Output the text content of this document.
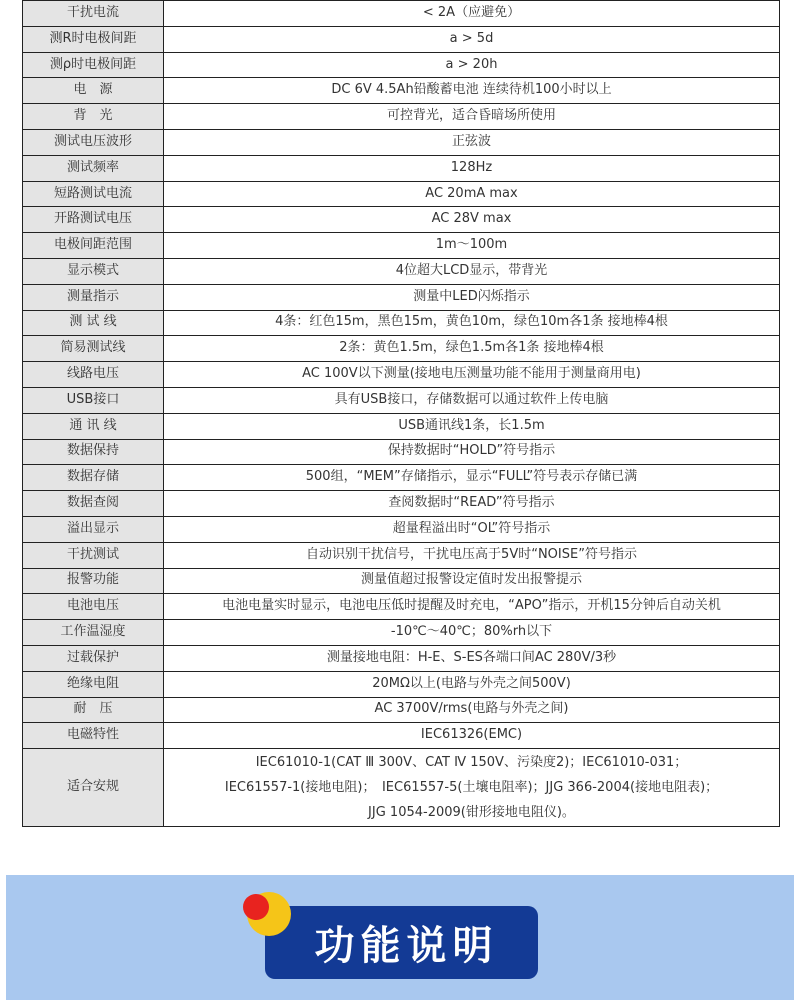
干扰电流	< 2A（应避免）
测R时电极间距	a > 5d
测ρ时电极间距	a > 20h
电　源	DC 6V 4.5Ah铅酸蓄电池 连续待机100小时以上
背　光	可控背光，适合昏暗场所使用
测试电压波形	正弦波
测试频率	128Hz
短路测试电流	AC 20mA max
开路测试电压	AC 28V max
电极间距范围	1m～100m
显示模式	4位超大LCD显示，带背光
测量指示	测量中LED闪烁指示
测 试 线	4条：红色15m，黑色15m，黄色10m，绿色10m各1条 接地棒4根
简易测试线	2条：黄色1.5m，绿色1.5m各1条 接地棒4根
线路电压	AC 100V以下测量(接地电压测量功能不能用于测量商用电)
USB接口	具有USB接口，存储数据可以通过软件上传电脑
通 讯 线	USB通讯线1条，长1.5m
数据保持	保持数据时“HOLD”符号指示
数据存储	500组，“MEM”存储指示，显示“FULL”符号表示存储已满
数据查阅	查阅数据时“READ”符号指示
溢出显示	超量程溢出时“OL”符号指示
干扰测试	自动识别干扰信号，干扰电压高于5V时“NOISE”符号指示
报警功能	测量值超过报警设定值时发出报警提示
电池电压	电池电量实时显示，电池电压低时提醒及时充电，“APO”指示，开机15分钟后自动关机
工作温湿度	-10℃～40℃；80%rh以下
过载保护	测量接地电阻：H-E、S-ES各端口间AC 280V/3秒
绝缘电阻	20MΩ以上(电路与外壳之间500V)
耐　压	AC 3700V/rms(电路与外壳之间)
电磁特性	IEC61326(EMC)
适合安规	IEC61010-1(CAT Ⅲ 300V、CAT Ⅳ 150V、污染度2)；IEC61010-031；
IEC61557-1(接地电阻)；　IEC61557-5(土壤电阻率)；JJG 366-2004(接地电阻表)；
JJG 1054-2009(钳形接地电阻仪)。
功能说明
